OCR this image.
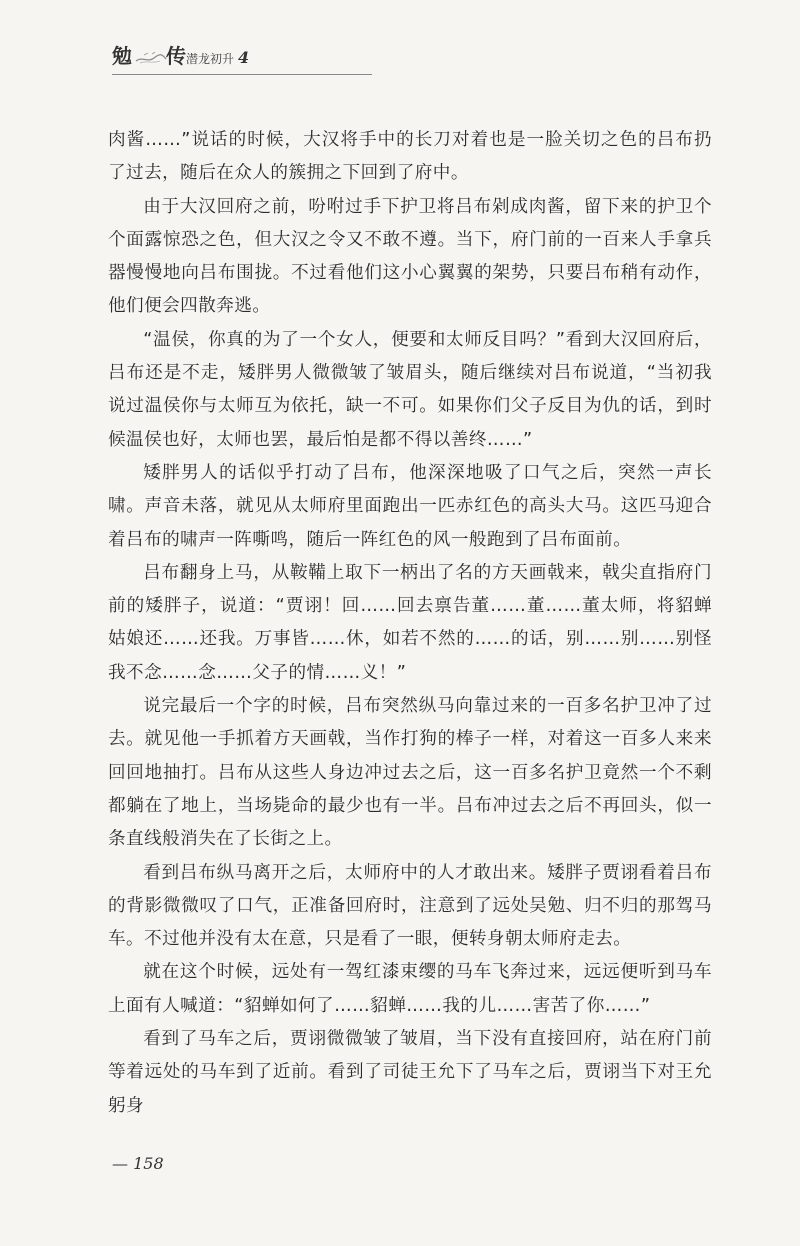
勉 传 潜龙初升 4

肉酱……”说话的时候，大汉将手中的长刀对着也是一脸关切之色的吕布扔了过去，随后在众人的簇拥之下回到了府中。

由于大汉回府之前，吩咐过手下护卫将吕布剁成肉酱，留下来的护卫个个面露惊恐之色，但大汉之令又不敢不遵。当下，府门前的一百来人手拿兵器慢慢地向吕布围拢。不过看他们这小心翼翼的架势，只要吕布稍有动作，他们便会四散奔逃。

“温侯，你真的为了一个女人，便要和太师反目吗？”看到大汉回府后，吕布还是不走，矮胖男人微微皱了皱眉头，随后继续对吕布说道，“当初我说过温侯你与太师互为依托，缺一不可。如果你们父子反目为仇的话，到时候温侯也好，太师也罢，最后怕是都不得以善终……”

矮胖男人的话似乎打动了吕布，他深深地吸了口气之后，突然一声长啸。声音未落，就见从太师府里面跑出一匹赤红色的高头大马。这匹马迎合着吕布的啸声一阵嘶鸣，随后一阵红色的风一般跑到了吕布面前。

吕布翻身上马，从鞍鞴上取下一柄出了名的方天画戟来，戟尖直指府门前的矮胖子，说道：“贾诩！回……回去禀告董……董……董太师，将貂蝉姑娘还……还我。万事皆……休，如若不然的……的话，别……别……别怪我不念……念……父子的情……义！”

说完最后一个字的时候，吕布突然纵马向靠过来的一百多名护卫冲了过去。就见他一手抓着方天画戟，当作打狗的棒子一样，对着这一百多人来来回回地抽打。吕布从这些人身边冲过去之后，这一百多名护卫竟然一个不剩都躺在了地上，当场毙命的最少也有一半。吕布冲过去之后不再回头，似一条直线般消失在了长街之上。

看到吕布纵马离开之后，太师府中的人才敢出来。矮胖子贾诩看着吕布的背影微微叹了口气，正准备回府时，注意到了远处吴勉、归不归的那驾马车。不过他并没有太在意，只是看了一眼，便转身朝太师府走去。

就在这个时候，远处有一驾红漆束缨的马车飞奔过来，远远便听到马车上面有人喊道：“貂蝉如何了……貂蝉……我的儿……害苦了你……”

看到了马车之后，贾诩微微皱了皱眉，当下没有直接回府，站在府门前等着远处的马车到了近前。看到了司徒王允下了马车之后，贾诩当下对王允躬身

— 158
